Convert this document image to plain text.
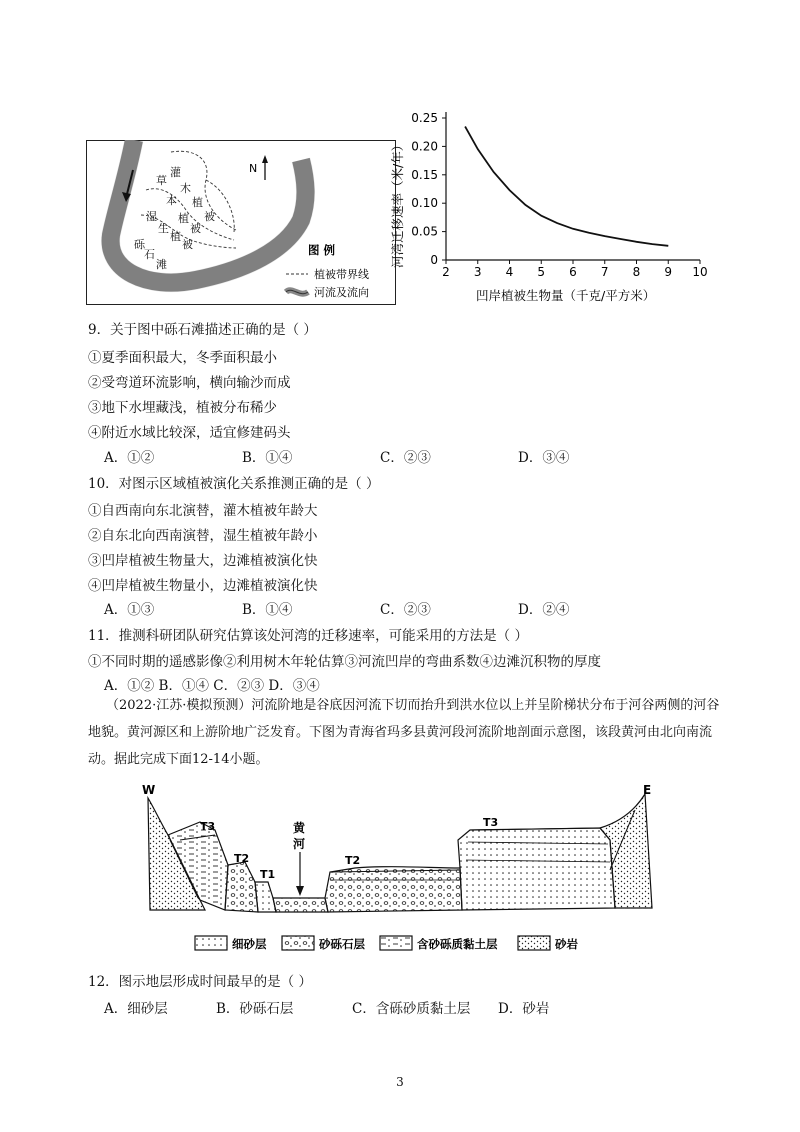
草
本
植
被
灌
木
植
被
湿
生
植
被
砾
石
滩
N
图 例
植被带界线
河流及流向
河湾迁移速率（米/年）
凹岸植被生物量（千克/平方米）
2 3 4 5 6 7 8 9 10
0
0.05
0.10
0.15
0.20
0.25
9．关于图中砾石滩描述正确的是（ ）
①夏季面积最大，冬季面积最小
②受弯道环流影响，横向输沙而成
③地下水埋藏浅，植被分布稀少
④附近水域比较深，适宜修建码头
A．①②	B．①④	C．②③	D．③④
10．对图示区域植被演化关系推测正确的是（ ）
①自西南向东北演替，灌木植被年龄大
②自东北向西南演替，湿生植被年龄小
③凹岸植被生物量大，边滩植被演化快
④凹岸植被生物量小，边滩植被演化快
A．①③	B．①④	C．②③	D．②④
11．推测科研团队研究估算该处河湾的迁移速率，可能采用的方法是（ ）
①不同时期的遥感影像②利用树木年轮估算③河流凹岸的弯曲系数④边滩沉积物的厚度
A．①② B．①④ C．②③ D．③④
（2022·江苏·模拟预测）河流阶地是谷底因河流下切而抬升到洪水位以上并呈阶梯状分布于河谷两侧的河谷地貌。黄河源区和上游阶地广泛发育。下图为青海省玛多县黄河段河流阶地剖面示意图，该段黄河由北向南流动。据此完成下面12-14小题。
W	E
T3
T2
T1
T2
T3
黄
河
细砂层	砂砾石层	含砂砾质黏土层	砂岩
12．图示地层形成时间最早的是（ ）
A．细砂层	B．砂砾石层	C．含砾砂质黏土层 D．砂岩
3
